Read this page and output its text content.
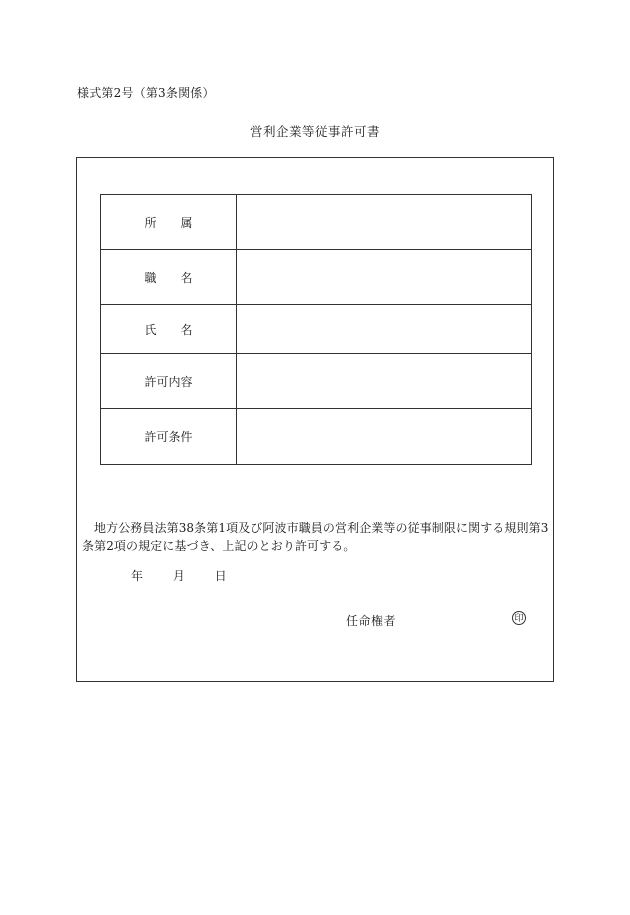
様式第2号（第3条関係）
営利企業等従事許可書
所属	
職名	
氏名	
許可内容	
許可条件	
地方公務員法第38条第1項及び阿波市職員の営利企業等の従事制限に関する規則第3条第2項の規定に基づき、上記のとおり許可する。
年 月 日
任命権者	印
